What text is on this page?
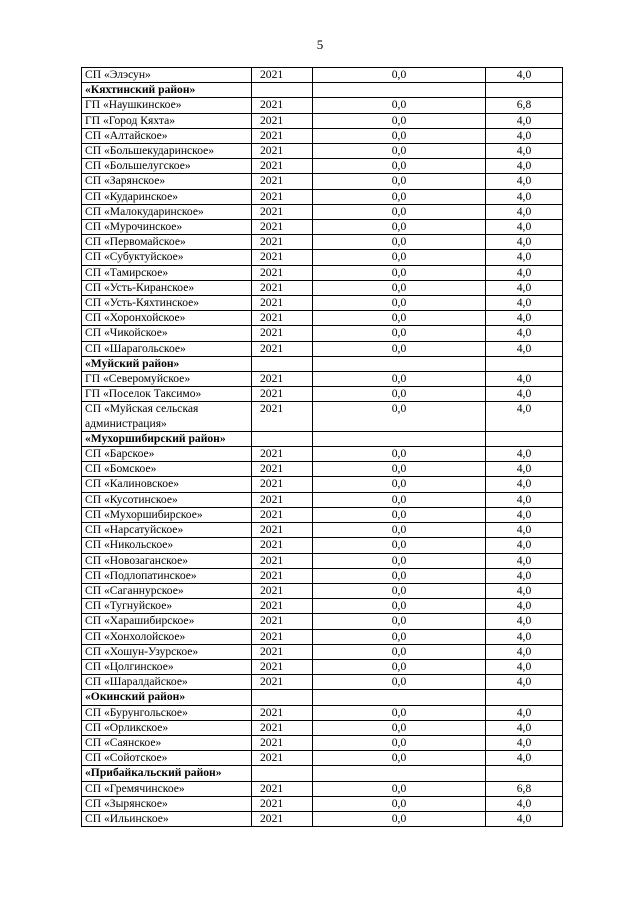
5
СП «Элэсун»	2021	0,0	4,0
«Кяхтинский район»			
ГП «Наушкинское»	2021	0,0	6,8
ГП «Город Кяхта»	2021	0,0	4,0
СП «Алтайское»	2021	0,0	4,0
СП «Большекударинское»	2021	0,0	4,0
СП «Большелугское»	2021	0,0	4,0
СП «Зарянское»	2021	0,0	4,0
СП «Кударинское»	2021	0,0	4,0
СП «Малокударинское»	2021	0,0	4,0
СП «Мурочинское»	2021	0,0	4,0
СП «Первомайское»	2021	0,0	4,0
СП «Субуктуйское»	2021	0,0	4,0
СП «Тамирское»	2021	0,0	4,0
СП «Усть-Киранское»	2021	0,0	4,0
СП «Усть-Кяхтинское»	2021	0,0	4,0
СП «Хоронхойское»	2021	0,0	4,0
СП «Чикойское»	2021	0,0	4,0
СП «Шарагольское»	2021	0,0	4,0
«Муйский район»			
ГП «Северомуйское»	2021	0,0	4,0
ГП «Поселок Таксимо»	2021	0,0	4,0
СП «Муйская сельская администрация»	2021	0,0	4,0
«Мухоршибирский район»			
СП «Барское»	2021	0,0	4,0
СП «Бомское»	2021	0,0	4,0
СП «Калиновское»	2021	0,0	4,0
СП «Кусотинское»	2021	0,0	4,0
СП «Мухоршибирское»	2021	0,0	4,0
СП «Нарсатуйское»	2021	0,0	4,0
СП «Никольское»	2021	0,0	4,0
СП «Новозаганское»	2021	0,0	4,0
СП «Подлопатинское»	2021	0,0	4,0
СП «Саганнурское»	2021	0,0	4,0
СП «Тугнуйское»	2021	0,0	4,0
СП «Харашибирское»	2021	0,0	4,0
СП «Хонхолойское»	2021	0,0	4,0
СП «Хошун-Узурское»	2021	0,0	4,0
СП «Цолгинское»	2021	0,0	4,0
СП «Шаралдайское»	2021	0,0	4,0
«Окинский район»			
СП «Бурунгольское»	2021	0,0	4,0
СП «Орликское»	2021	0,0	4,0
СП «Саянское»	2021	0,0	4,0
СП «Сойотское»	2021	0,0	4,0
«Прибайкальский район»			
СП «Гремячинское»	2021	0,0	6,8
СП «Зырянское»	2021	0,0	4,0
СП «Ильинское»	2021	0,0	4,0
